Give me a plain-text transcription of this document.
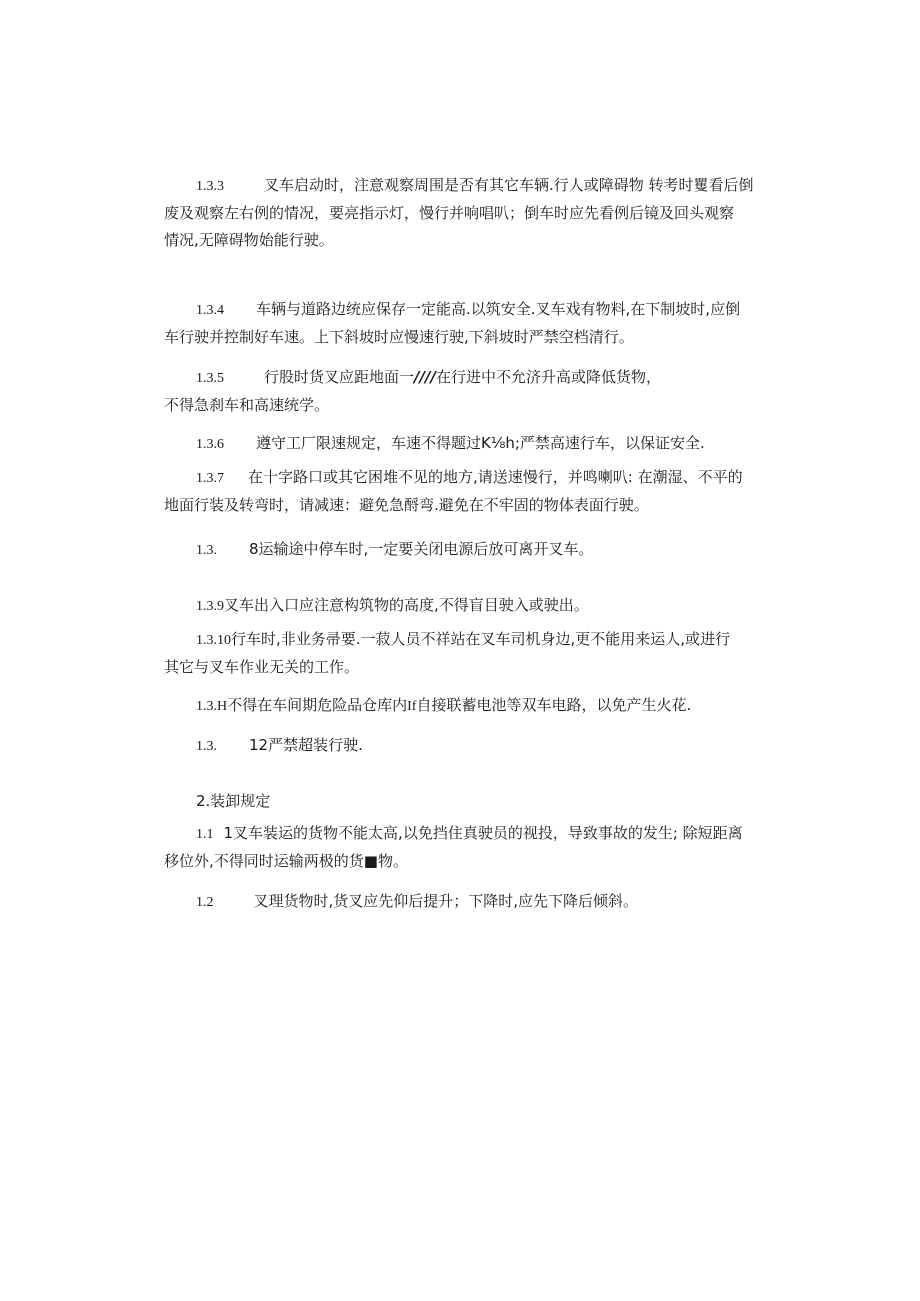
1.3.3	叉车启动时，注意观察周围是否有其它车辆.行人或障碍物 转考时矍看后倒
废及观察左右例的情况，要亮指示灯，慢行并响唱叭；倒车时应先看例后镜及回头观察
情况,无障碍物始能行驶。
1.3.4 车辆与道路边统应保存一定能高.以筑安全.叉车戏有物料,在下制坡时,应倒
车行驶并控制好车速。上下斜坡时应慢速行驶,下斜坡时严禁空档清行。
1.3.5	行股时货叉应距地面一////在行进中不允济升高或降低货物，
不得急刹车和高速统学。
1.3.6 遵守工厂限速规定，车速不得题过K⅛h;严禁高速行车，以保证安全.
1.3.7 在十字路口或其它困堆不见的地方,请送速慢行，并鸣喇叭: 在潮湿、不平的
地面行装及转弯时，请减速：避免急酹弯.避免在不牢固的物体表面行驶。
1.3. 8运输途中停车时,一定要关闭电源后放可离开叉车。
1.3.9叉车出入口应注意构筑物的高度,不得盲目驶入或驶出。
1.3.10行车时,非业务帚要.一菽人员不祥站在叉车司机身边,更不能用来运人,或进行
其它与叉车作业无关的工作。
1.3.H不得在车间期危险品仓库内If自接联蓄电池等双车电路，以免产生火花.
1.3. 12严禁超装行驶.
2.装卸规定
1.1 1叉车装运的货物不能太高,以免挡住真驶员的视投，导致事故的发生; 除短距离
移位外,不得同时运输两极的货■物。
1.2	叉理货物时,货叉应先仰后提升；下降时,应先下降后倾斜。
